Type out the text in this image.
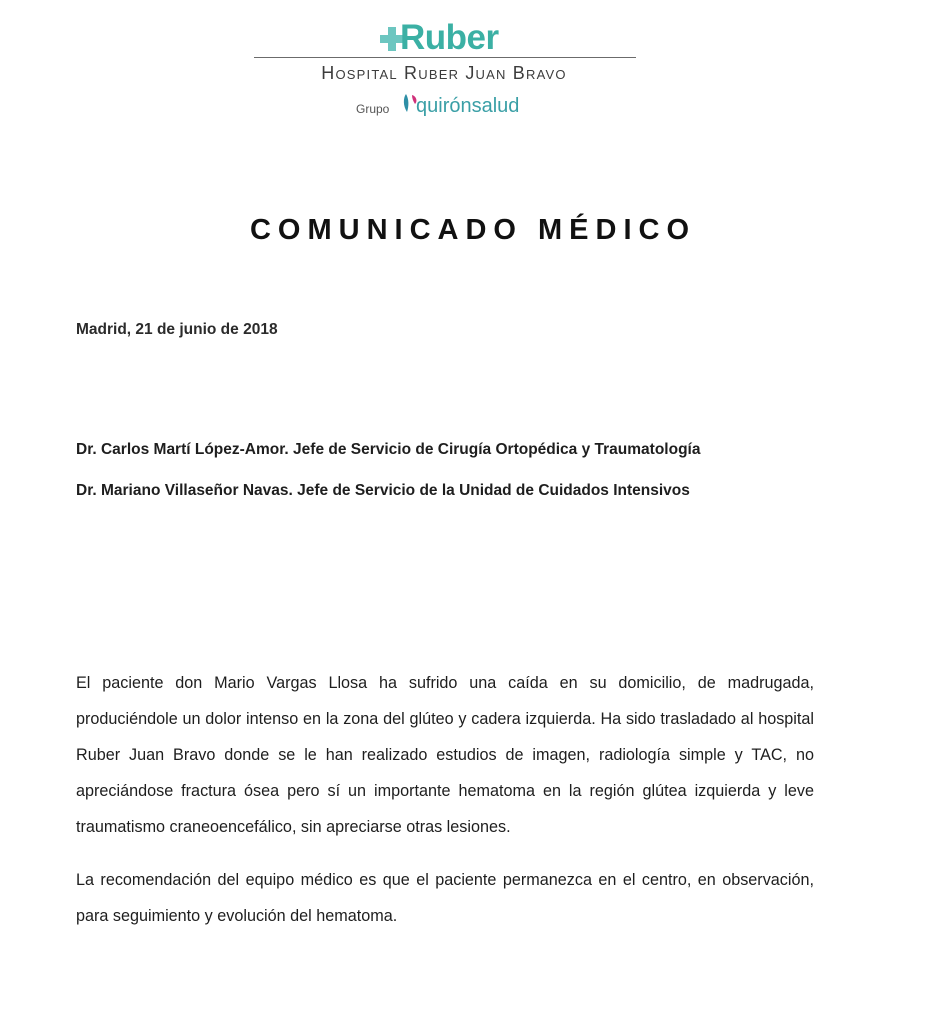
Ruber
Hospital Ruber Juan Bravo
Grupo quirónsalud
COMUNICADO MÉDICO
Madrid, 21 de junio de 2018
Dr. Carlos Martí López-Amor. Jefe de Servicio de Cirugía Ortopédica y Traumatología
Dr. Mariano Villaseñor Navas. Jefe de Servicio de la Unidad de Cuidados Intensivos

El paciente don Mario Vargas Llosa ha sufrido una caída en su domicilio, de madrugada, produciéndole un dolor intenso en la zona del glúteo y cadera izquierda. Ha sido trasladado al hospital Ruber Juan Bravo donde se le han realizado estudios de imagen, radiología simple y TAC, no apreciándose fractura ósea pero sí un importante hematoma en la región glútea izquierda y leve traumatismo craneoencefálico, sin apreciarse otras lesiones.

La recomendación del equipo médico es que el paciente permanezca en el centro, en observación, para seguimiento y evolución del hematoma.
